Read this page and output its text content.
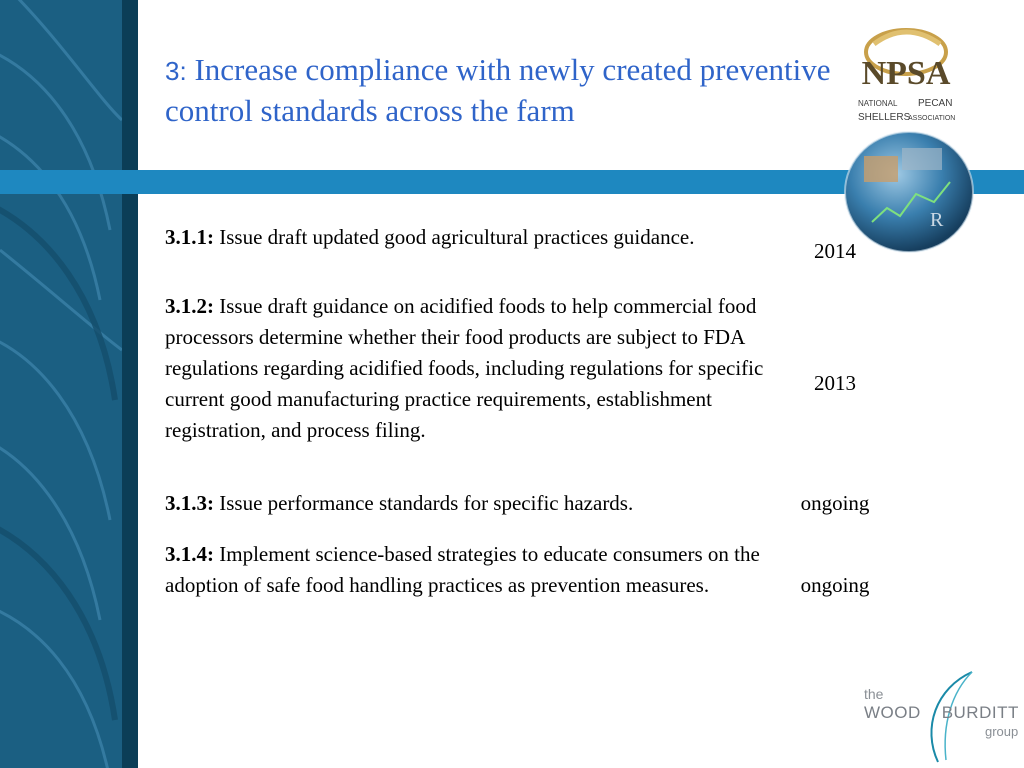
3: Increase compliance with newly created preventive control standards across the farm
3.1.1: Issue draft updated good agricultural practices guidance.
2014
3.1.2: Issue draft guidance on acidified foods to help commercial food processors determine whether their food products are subject to FDA regulations regarding acidified foods, including regulations for specific current good manufacturing practice requirements, establishment registration, and process filing.
2013
3.1.3: Issue performance standards for specific hazards.	ongoing
3.1.4: Implement science-based strategies to educate consumers on the adoption of safe food handling practices as prevention measures.	ongoing
NPSA
NATIONAL PECAN
SHELLERS
ASSOCIATION
R
the
WOOD BURDITT
group
